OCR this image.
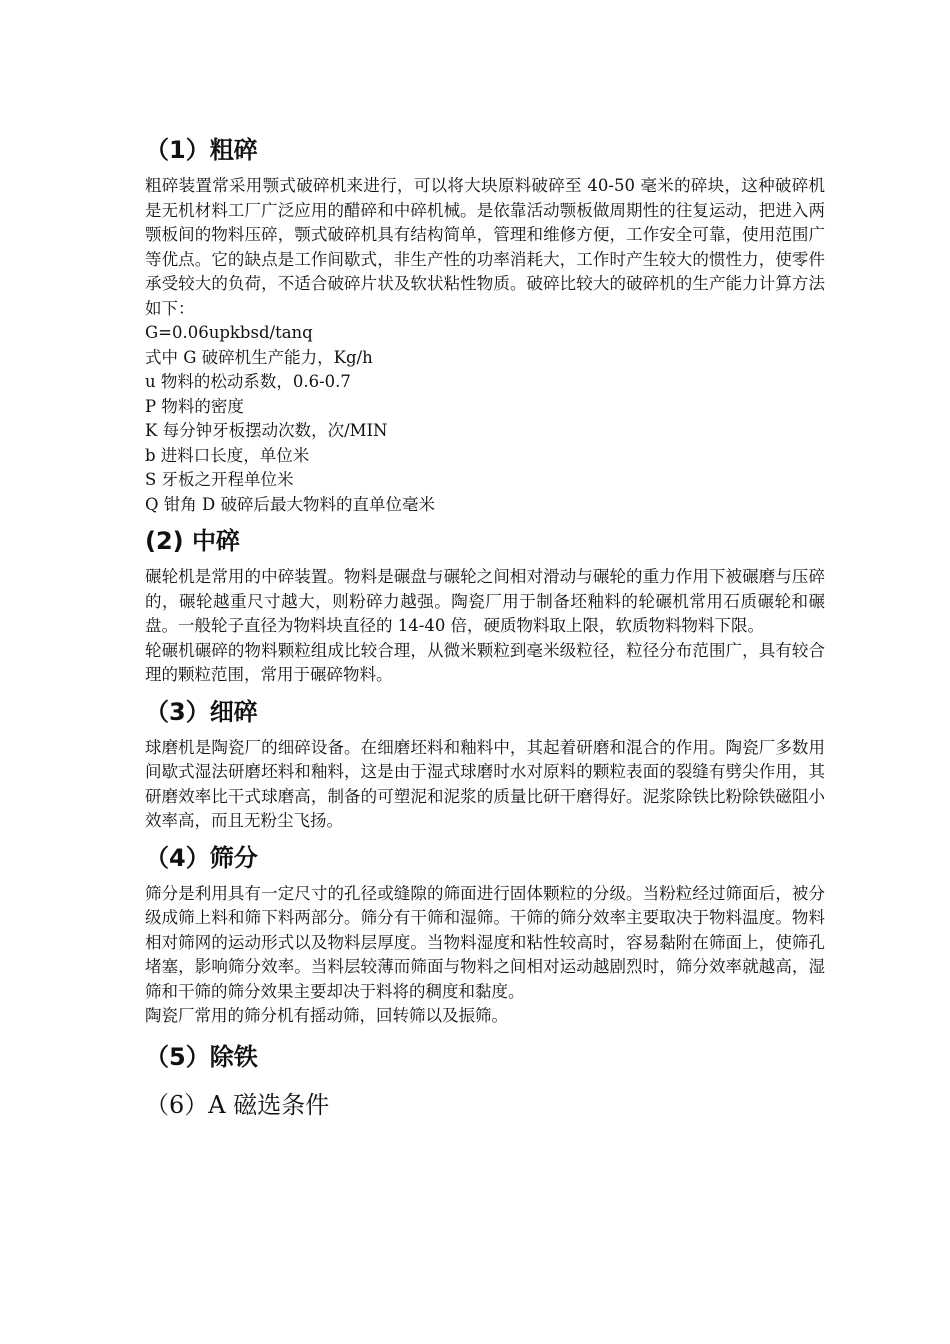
（1）粗碎

粗碎装置常采用颚式破碎机来进行，可以将大块原料破碎至 40-50 毫米的碎块，这种破碎机是无机材料工厂广泛应用的醋碎和中碎机械。是依靠活动颚板做周期性的往复运动，把进入两颚板间的物料压碎，颚式破碎机具有结构简单，管理和维修方便，工作安全可靠，使用范围广等优点。它的缺点是工作间歇式，非生产性的功率消耗大，工作时产生较大的惯性力，使零件承受较大的负荷，不适合破碎片状及软状粘性物质。破碎比较大的破碎机的生产能力计算方法如下：

G=0.06upkbsd/tanq

式中 G 破碎机生产能力，Kg/h

u 物料的松动系数，0.6-0.7

P 物料的密度

K 每分钟牙板摆动次数，次/MIN

b 进料口长度，单位米

S 牙板之开程单位米

Q 钳角 D 破碎后最大物料的直单位毫米

(2) 中碎

碾轮机是常用的中碎装置。物料是碾盘与碾轮之间相对滑动与碾轮的重力作用下被碾磨与压碎的，碾轮越重尺寸越大，则粉碎力越强。陶瓷厂用于制备坯釉料的轮碾机常用石质碾轮和碾盘。一般轮子直径为物料块直径的 14-40 倍，硬质物料取上限，软质物料物料下限。

轮碾机碾碎的物料颗粒组成比较合理，从微米颗粒到毫米级粒径，粒径分布范围广，具有较合理的颗粒范围，常用于碾碎物料。

（3）细碎

球磨机是陶瓷厂的细碎设备。在细磨坯料和釉料中，其起着研磨和混合的作用。陶瓷厂多数用间歇式湿法研磨坯料和釉料，这是由于湿式球磨时水对原料的颗粒表面的裂缝有劈尖作用，其研磨效率比干式球磨高，制备的可塑泥和泥浆的质量比研干磨得好。泥浆除铁比粉除铁磁阻小效率高，而且无粉尘飞扬。

（4）筛分

筛分是利用具有一定尺寸的孔径或缝隙的筛面进行固体颗粒的分级。当粉粒经过筛面后，被分级成筛上料和筛下料两部分。筛分有干筛和湿筛。干筛的筛分效率主要取决于物料温度。物料相对筛网的运动形式以及物料层厚度。当物料湿度和粘性较高时，容易黏附在筛面上，使筛孔堵塞，影响筛分效率。当料层较薄而筛面与物料之间相对运动越剧烈时，筛分效率就越高，湿筛和干筛的筛分效果主要却决于料将的稠度和黏度。

陶瓷厂常用的筛分机有摇动筛，回转筛以及振筛。

（5）除铁
（6）A 磁选条件
